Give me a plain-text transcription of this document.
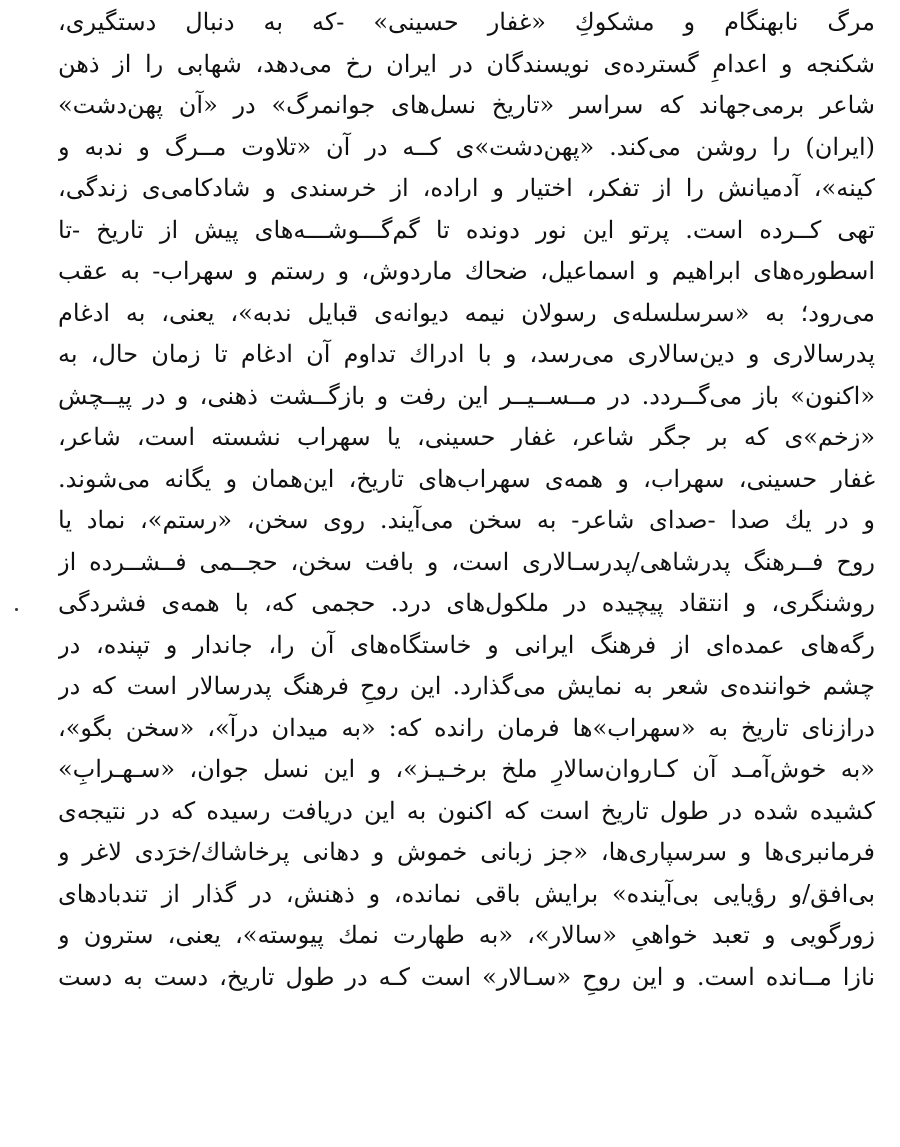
مرگ نابهنگام و مشکوكِ «غفار حسینی» -که به دنبال دستگیری،
شکنجه و اعدامِ گسترده‌ی نویسندگان در ایران رخ می‌دهد، شهابی را از ذهن
شاعر برمی‌جهاند که سراسر «تاریخ نسل‌های جوانمرگ» در «آن پهن‌دشت»
(ایران) را روشن می‌کند. «پهن‌دشت»ی کــه در آن «تلاوت مــرگ و ندبه و
کینه»، آدمیانش را از تفکر، اختیار و اراده، از خرسندی و شادکامی‌ی زندگی،
تهی کــرده است. پرتو این نور دونده تا گم‌گـــوشـــه‌های پیش از تاریخ -تا
اسطوره‌های ابراهیم و اسماعیل، ضحاك ماردوش، و رستم و سهراب- به عقب
می‌رود؛ به «سرسلسله‌ی رسولان نیمه دیوانه‌ی قبایل ندبه»، یعنی، به ادغام
پدرسالاری و دین‌سالاری می‌رسد، و با ادراك تداوم آن ادغام تا زمان حال، به
«اکنون» باز می‌گــردد. در مــســیــر این رفت و بازگــشت ذهنی، و در پیــچش
«زخم»ی که بر جگر شاعر، غفار حسینی، یا سهراب نشسته است، شاعر،
غفار حسینی، سهراب، و همه‌ی سهراب‌های تاریخ، این‌همان و یگانه می‌شوند.
و در یك صدا -صدای شاعر- به سخن می‌آیند. روی سخن، «رستم»، نماد یا
روح فــرهنگ پدرشاهی/پدرسـالاری است، و بافت سخن، حجــمی فــشــرده از
روشنگری، و انتقاد پیچیده در ملکول‌های درد. حجمی که، با همه‌ی فشردگی
رگه‌های عمده‌ای از فرهنگ ایرانی و خاستگاه‌های آن را، جاندار و تپنده، در
چشم خواننده‌ی شعر به نمایش می‌گذارد. این روحِ فرهنگ پدرسالار است که در
درازنای تاریخ به «سهراب»ها فرمان رانده که: «به میدان درآ»، «سخن بگو»،
«به خوش‌آمـد آن کـاروان‌سالارِ ملخ برخـیـز»، و این نسل جوان، «سـهـرابِ»
کشیده شده در طول تاریخ است که اکنون به این دریافت رسیده که در نتیجه‌ی
فرمانبری‌ها و سرسپاری‌ها، «جز زبانی خموش و دهانی پرخاشاك/خرَدی لاغر و
بی‌افق/و رؤیایی بی‌آینده» برایش باقی نمانده، و ذهنش، در گذار از تندبادهای
زورگویی و تعبد خواهیِ «سالار»، «به طهارت نمك پیوسته»، یعنی، سترون و
نازا مــانده است. و این روحِ «سـالار» است کـه در طول تاریخ، دست به دست
